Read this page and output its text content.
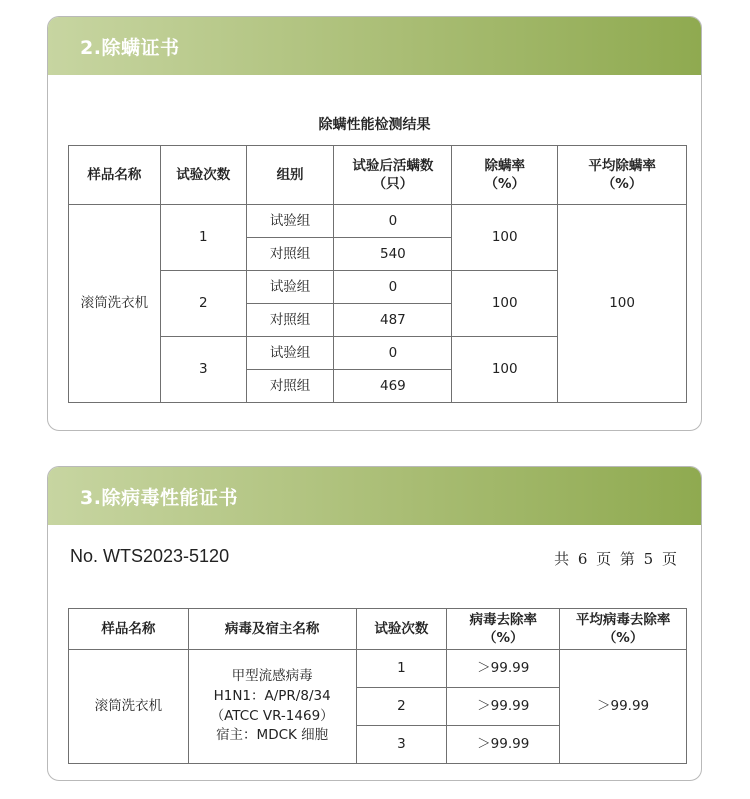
2.除螨证书
除螨性能检测结果
样品名称	试验次数	组别	试验后活螨数
（只）	除螨率
（%）	平均除螨率
（%）
滚筒洗衣机	1	试验组	0	100	100
		对照组	540		
	2	试验组	0	100	
		对照组	487		
	3	试验组	0	100	
		对照组	469		
3.除病毒性能证书
No. WTS2023-5120	共 6 页 第 5 页
样品名称	病毒及宿主名称	试验次数	病毒去除率
（%）	平均病毒去除率
（%）
滚筒洗衣机	甲型流感病毒
H1N1：A/PR/8/34
（ATCC VR-1469）
宿主：MDCK 细胞	1	＞99.99	＞99.99
		2	＞99.99	
		3	＞99.99	
